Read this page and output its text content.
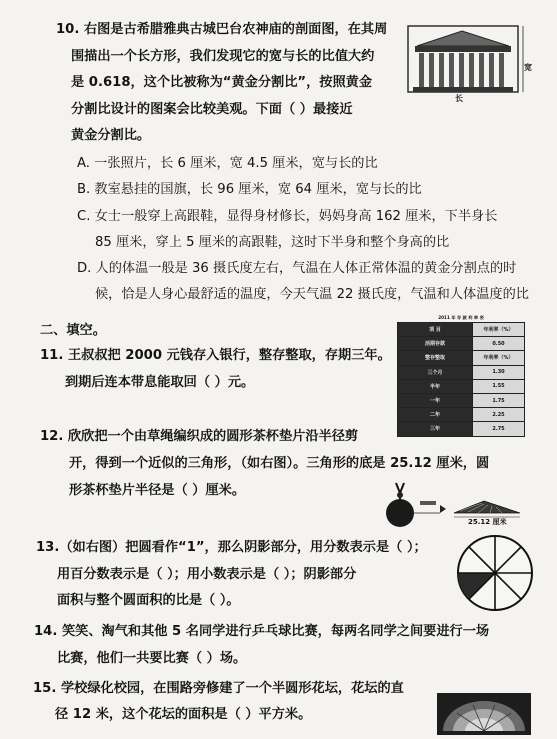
10. 右图是古希腊雅典古城巴台农神庙的剖面图，在其周
围描出一个长方形，我们发现它的宽与长的比值大约
是 0.618，这个比被称为“黄金分割比”，按照黄金
分割比设计的图案会比较美观。下面（ ）最接近
黄金分割比。
A. 一张照片，长 6 厘米，宽 4.5 厘米，宽与长的比
B. 教室悬挂的国旗，长 96 厘米，宽 64 厘米，宽与长的比
C. 女士一般穿上高跟鞋，显得身材修长，妈妈身高 162 厘米，下半身长
85 厘米，穿上 5 厘米的高跟鞋，这时下半身和整个身高的比
D. 人的体温一般是 36 摄氏度左右，气温在人体正常体温的黄金分割点的时
候，恰是人身心最舒适的温度，今天气温 22 摄氏度，气温和人体温度的比
宽
长
二、填空。
11. 王叔叔把 2000 元钱存入银行，整存整取，存期三年。
到期后连本带息能取回（ ）元。
2011 年 存 款 利 率 表	
项 目	年利率（%）
活期存款	0.50
整存整取	年利率（%）
三个月	1.30
半年	1.55
一年	1.75
二年	2.25
三年	2.75
12. 欣欣把一个由草绳编织成的圆形茶杯垫片沿半径剪
开，得到一个近似的三角形，（如右图）。三角形的底是 25.12 厘米，圆
形茶杯垫片半径是（ ）厘米。
25.12 厘米
13.（如右图）把圆看作“1”，那么阴影部分，用分数表示是（ ）；
用百分数表示是（ ）；用小数表示是（ ）；阴影部分
面积与整个圆面积的比是（ ）。
14. 笑笑、淘气和其他 5 名同学进行乒乓球比赛，每两名同学之间要进行一场
比赛，他们一共要比赛（ ）场。
15. 学校绿化校园，在围路旁修建了一个半圆形花坛，花坛的直
径 12 米，这个花坛的面积是（ ）平方米。
